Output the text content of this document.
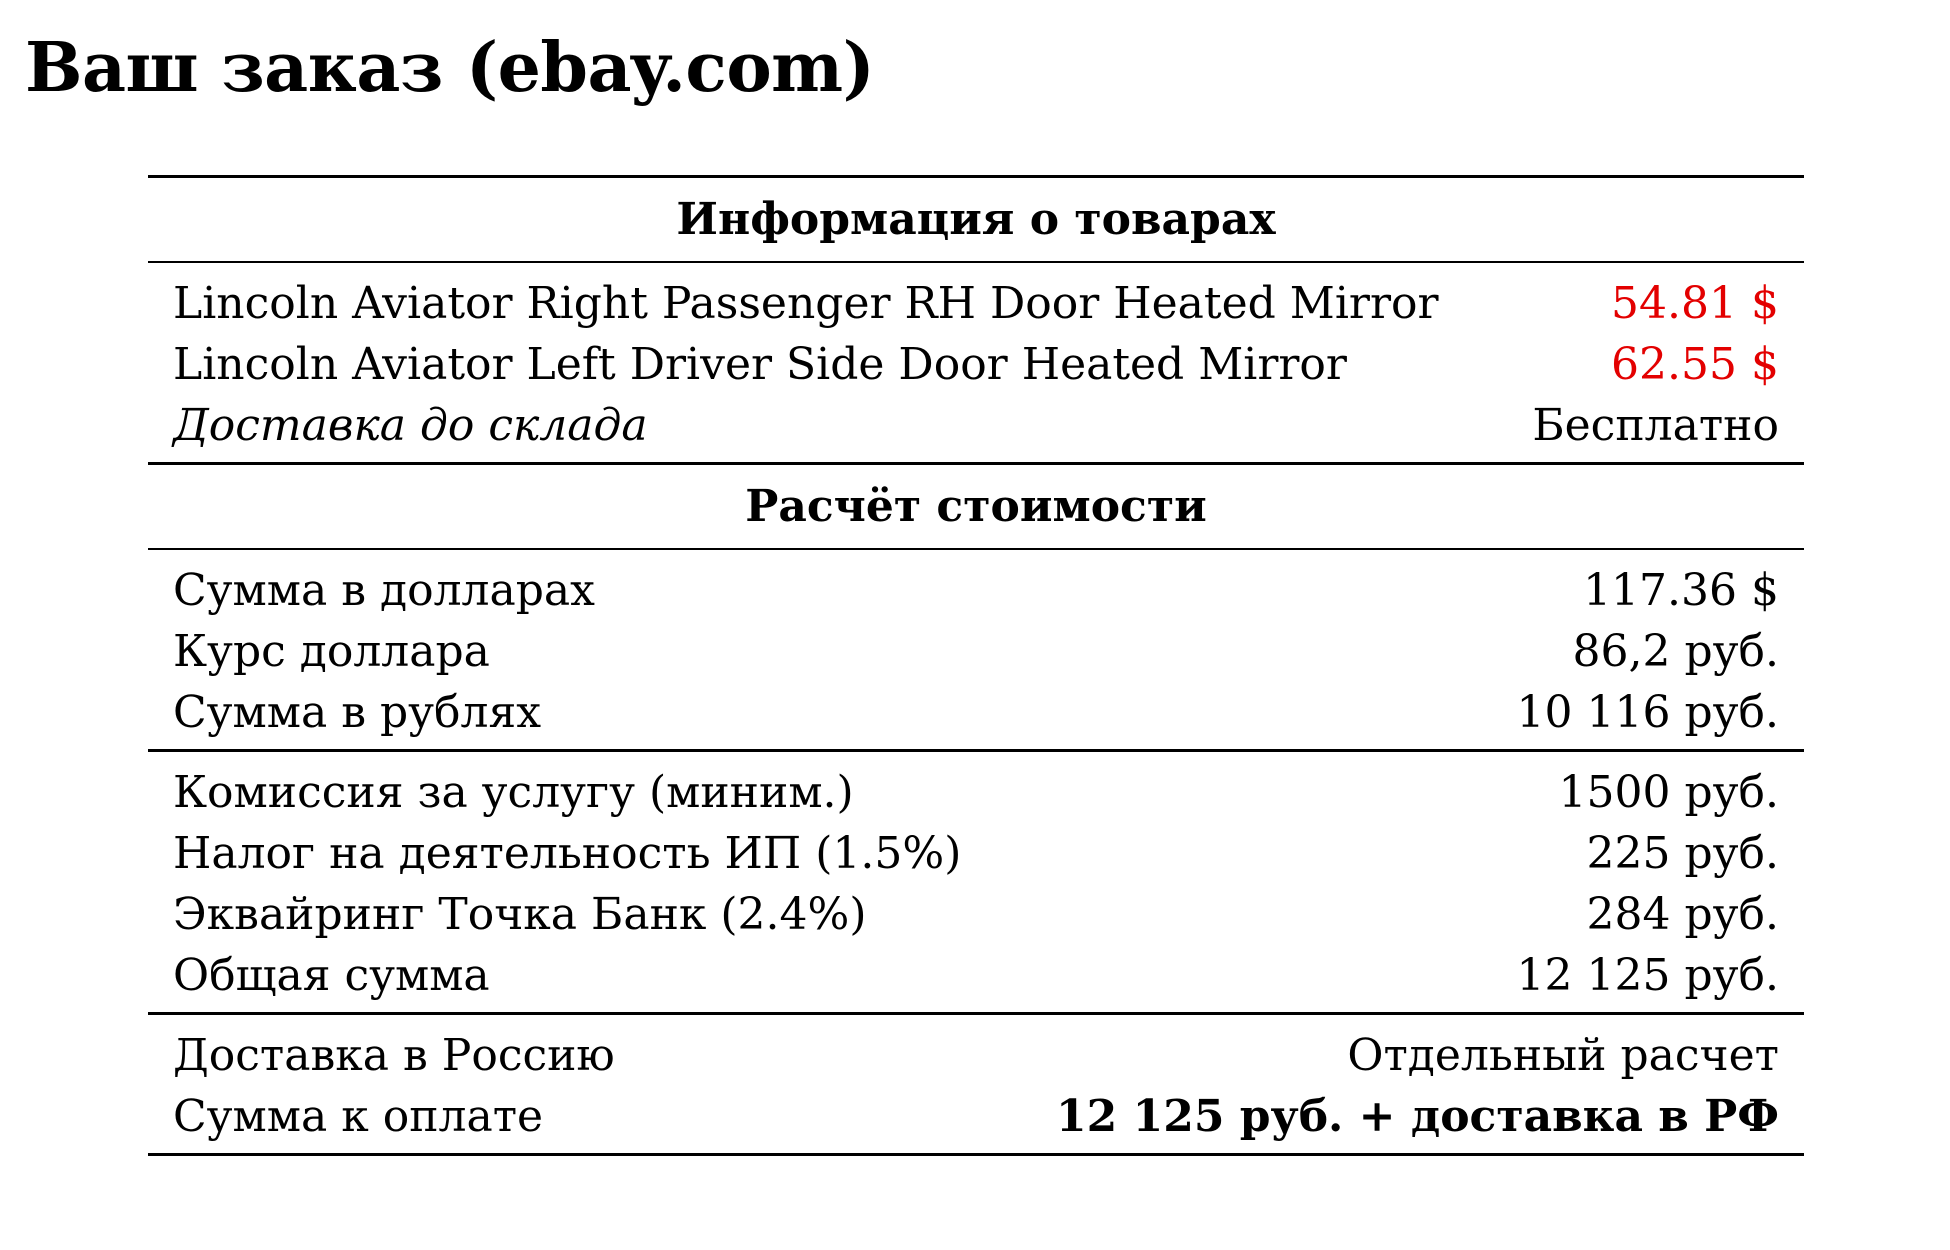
Ваш заказ (ebay.com)
Информация о товарах
Lincoln Aviator Right Passenger RH Door Heated Mirror	54.81 $
Lincoln Aviator Left Driver Side Door Heated Mirror	62.55 $
Доставка до склада	Бесплатно
Расчёт стоимости
Сумма в долларах	117.36 $
Курс доллара	86,2 руб.
Сумма в рублях	10 116 руб.
Комиссия за услугу (миним.)	1500 руб.
Налог на деятельность ИП (1.5%)	225 руб.
Эквайринг Точка Банк (2.4%)	284 руб.
Общая сумма	12 125 руб.
Доставка в Россию	Отдельный расчет
Сумма к оплате	12 125 руб. + доставка в РФ
